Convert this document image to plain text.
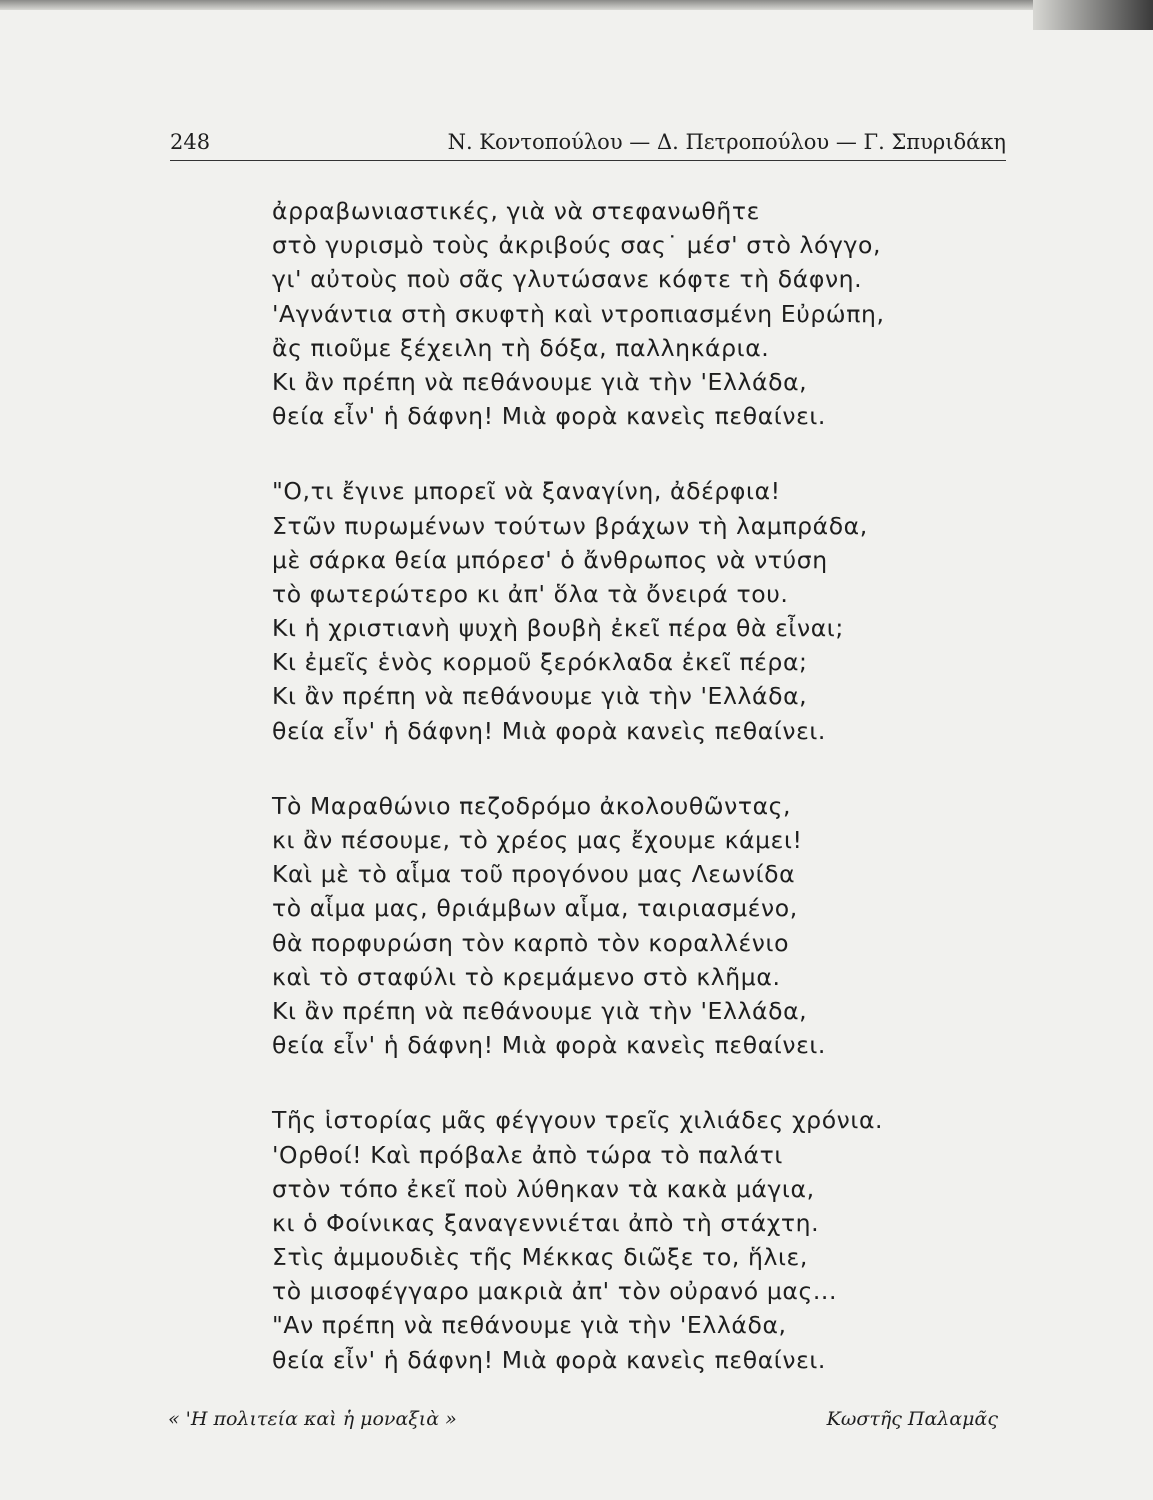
248	Ν. Κοντοπούλου — Δ. Πετροπούλου — Γ. Σπυριδάκη
ἀρραβωνιαστικές, γιὰ νὰ στεφανωθῆτε
στὸ γυρισμὸ τοὺς ἀκριβούς σας˙ μέσ' στὸ λόγγο,
γι' αὐτοὺς ποὺ σᾶς γλυτώσανε κόφτε τὴ δάφνη.
'Αγνάντια στὴ σκυφτὴ καὶ ντροπιασμένη Εὐρώπη,
ἂς πιοῦμε ξέχειλη τὴ δόξα, παλληκάρια.
Κι ἂν πρέπη νὰ πεθάνουμε γιὰ τὴν 'Ελλάδα,
θεία εἶν' ἡ δάφνη! Μιὰ φορὰ κανεὶς πεθαίνει.
"Ο,τι ἔγινε μπορεῖ νὰ ξαναγίνη, ἀδέρφια!
Στῶν πυρωμένων τούτων βράχων τὴ λαμπράδα,
μὲ σάρκα θεία μπόρεσ' ὁ ἄνθρωπος νὰ ντύση
τὸ φωτερώτερο κι ἀπ' ὅλα τὰ ὄνειρά του.
Κι ἡ χριστιανὴ ψυχὴ βουβὴ ἐκεῖ πέρα θὰ εἶναι;
Κι ἐμεῖς ἑνὸς κορμοῦ ξερόκλαδα ἐκεῖ πέρα;
Κι ἂν πρέπη νὰ πεθάνουμε γιὰ τὴν 'Ελλάδα,
θεία εἶν' ἡ δάφνη! Μιὰ φορὰ κανεὶς πεθαίνει.
Τὸ Μαραθώνιο πεζοδρόμο ἀκολουθῶντας,
κι ἂν πέσουμε, τὸ χρέος μας ἔχουμε κάμει!
Καὶ μὲ τὸ αἷμα τοῦ προγόνου μας Λεωνίδα
τὸ αἷμα μας, θριάμβων αἷμα, ταιριασμένο,
θὰ πορφυρώση τὸν καρπὸ τὸν κοραλλένιο
καὶ τὸ σταφύλι τὸ κρεμάμενο στὸ κλῆμα.
Κι ἂν πρέπη νὰ πεθάνουμε γιὰ τὴν 'Ελλάδα,
θεία εἶν' ἡ δάφνη! Μιὰ φορὰ κανεὶς πεθαίνει.
Τῆς ἱστορίας μᾶς φέγγουν τρεῖς χιλιάδες χρόνια.
'Ορθοί! Καὶ πρόβαλε ἀπὸ τώρα τὸ παλάτι
στὸν τόπο ἐκεῖ ποὺ λύθηκαν τὰ κακὰ μάγια,
κι ὁ Φοίνικας ξαναγεννιέται ἀπὸ τὴ στάχτη.
Στὶς ἀμμουδιὲς τῆς Μέκκας διῶξε το, ἥλιε,
τὸ μισοφέγγαρο μακριὰ ἀπ' τὸν οὐρανό μας...
"Αν πρέπη νὰ πεθάνουμε γιὰ τὴν 'Ελλάδα,
θεία εἶν' ἡ δάφνη! Μιὰ φορὰ κανεὶς πεθαίνει.
« 'Η πολιτεία καὶ ἡ μοναξιὰ »	Κωστῆς Παλαμᾶς
